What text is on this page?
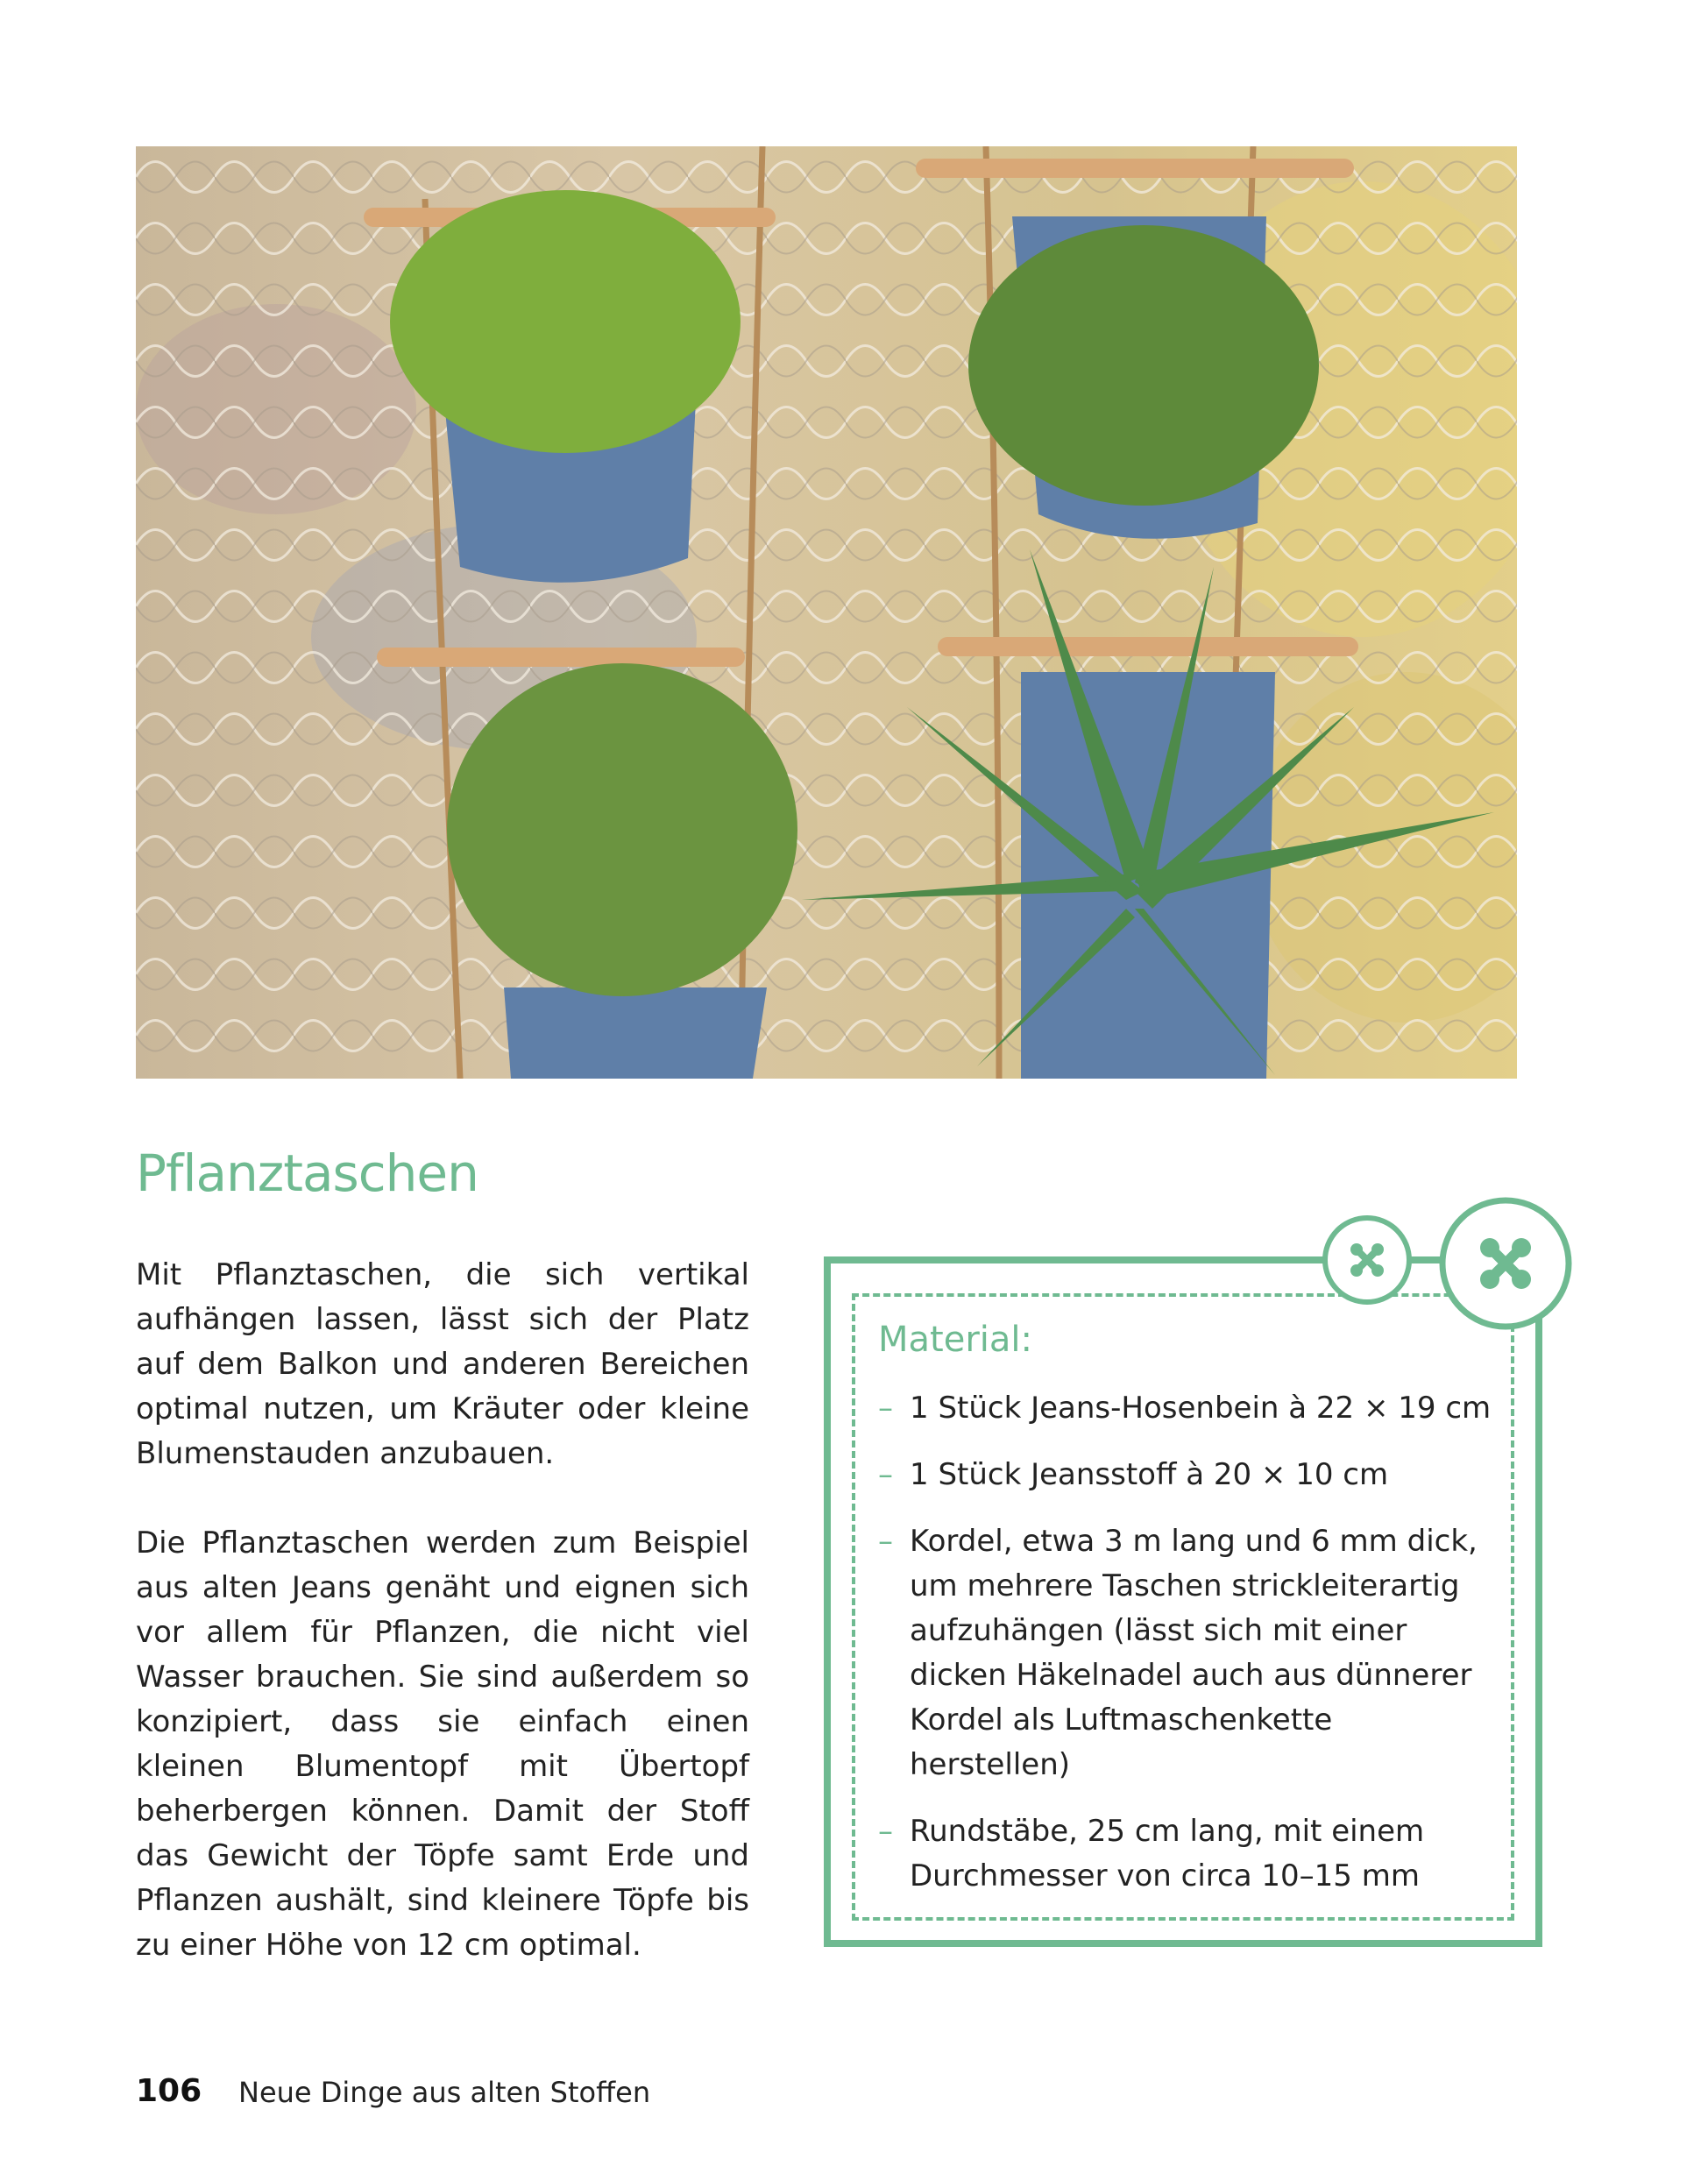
Pflanztaschen

Mit Pflanztaschen, die sich vertikal aufhängen lassen, lässt sich der Platz auf dem Balkon und anderen Bereichen optimal nutzen, um Kräuter oder kleine Blumenstauden anzubauen.

Die Pflanztaschen werden zum Beispiel aus alten Jeans genäht und eignen sich vor allem für Pflanzen, die nicht viel Wasser brauchen. Sie sind außerdem so konzipiert, dass sie einfach einen kleinen Blumentopf mit Übertopf beherbergen können. Damit der Stoff das Gewicht der Töpfe samt Erde und Pflanzen aushält, sind kleinere Töpfe bis zu einer Höhe von 12 cm optimal.

Material:
– 1 Stück Jeans-Hosenbein à 22 × 19 cm
– 1 Stück Jeansstoff à 20 × 10 cm
– Kordel, etwa 3 m lang und 6 mm dick, um mehrere Taschen strickleiterartig aufzuhängen (lässt sich mit einer dicken Häkelnadel auch aus dünnerer Kordel als Luftmaschenkette herstellen)
– Rundstäbe, 25 cm lang, mit einem Durchmesser von circa 10–15 mm
106 Neue Dinge aus alten Stoffen
